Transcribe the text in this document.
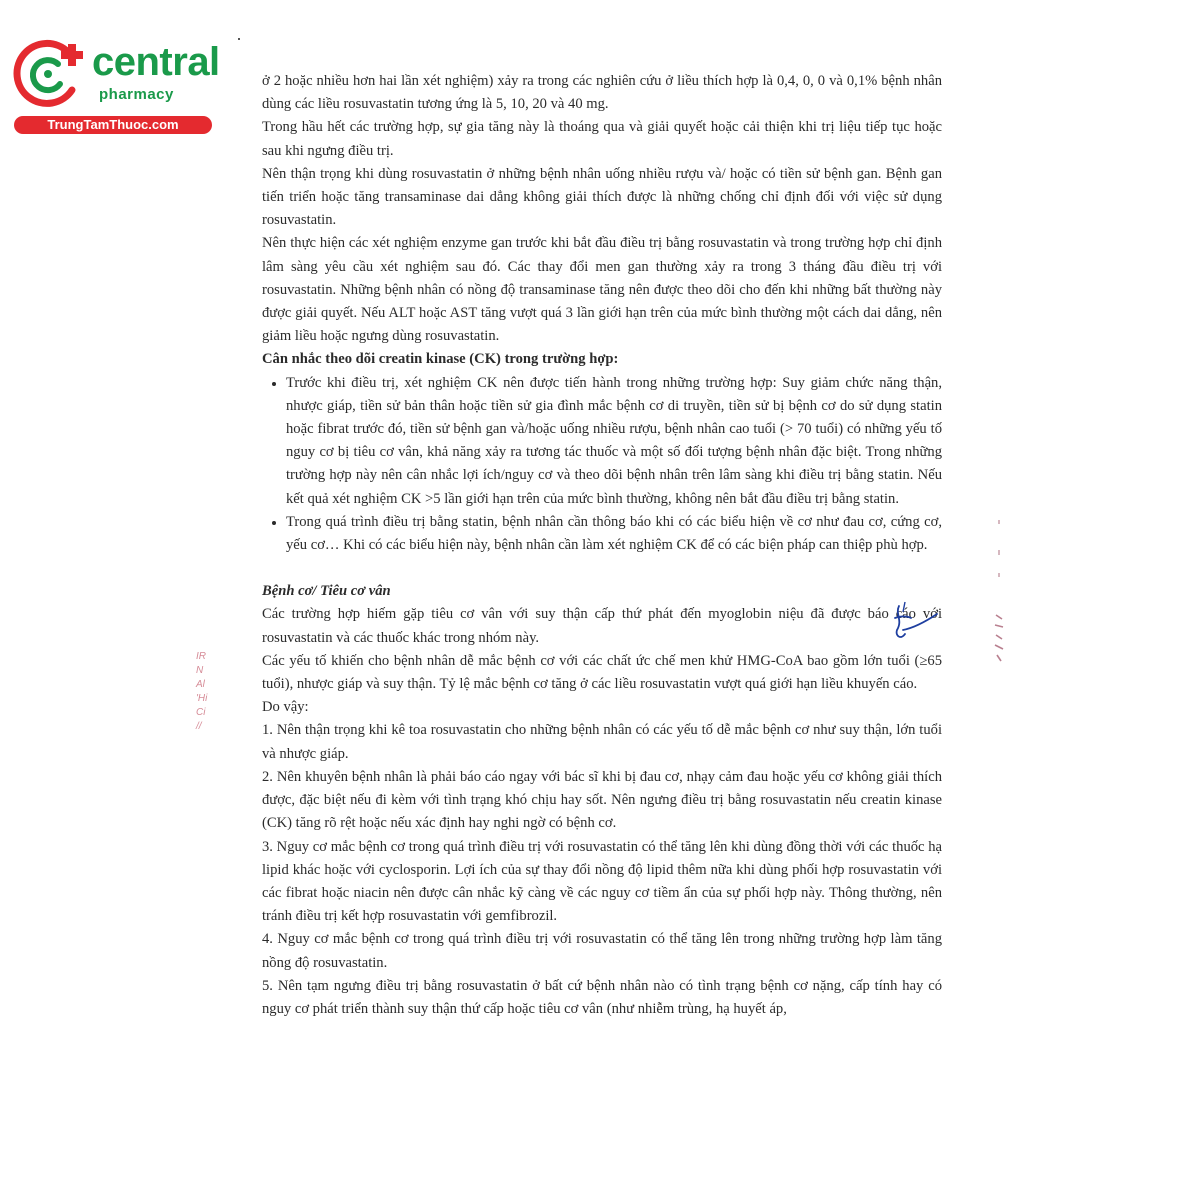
central
pharmacy
TrungTamThuoc.com

ở 2 hoặc nhiều hơn hai lần xét nghiệm) xảy ra trong các nghiên cứu ở liều thích hợp là 0,4, 0, 0 và 0,1% bệnh nhân dùng các liều rosuvastatin tương ứng là 5, 10, 20 và 40 mg.

Trong hầu hết các trường hợp, sự gia tăng này là thoáng qua và giải quyết hoặc cải thiện khi trị liệu tiếp tục hoặc sau khi ngưng điều trị.

Nên thận trọng khi dùng rosuvastatin ở những bệnh nhân uống nhiều rượu và/ hoặc có tiền sử bệnh gan. Bệnh gan tiến triển hoặc tăng transaminase dai dẳng không giải thích được là những chống chỉ định đối với việc sử dụng rosuvastatin.

Nên thực hiện các xét nghiệm enzyme gan trước khi bắt đầu điều trị bằng rosuvastatin và trong trường hợp chỉ định lâm sàng yêu cầu xét nghiệm sau đó. Các thay đổi men gan thường xảy ra trong 3 tháng đầu điều trị với rosuvastatin. Những bệnh nhân có nồng độ transaminase tăng nên được theo dõi cho đến khi những bất thường này được giải quyết. Nếu ALT hoặc AST tăng vượt quá 3 lần giới hạn trên của mức bình thường một cách dai dẳng, nên giảm liều hoặc ngưng dùng rosuvastatin.

Cân nhắc theo dõi creatin kinase (CK) trong trường hợp:

• Trước khi điều trị, xét nghiệm CK nên được tiến hành trong những trường hợp: Suy giảm chức năng thận, nhược giáp, tiền sử bản thân hoặc tiền sử gia đình mắc bệnh cơ di truyền, tiền sử bị bệnh cơ do sử dụng statin hoặc fibrat trước đó, tiền sử bệnh gan và/hoặc uống nhiều rượu, bệnh nhân cao tuổi (> 70 tuổi) có những yếu tố nguy cơ bị tiêu cơ vân, khả năng xảy ra tương tác thuốc và một số đối tượng bệnh nhân đặc biệt. Trong những trường hợp này nên cân nhắc lợi ích/nguy cơ và theo dõi bệnh nhân trên lâm sàng khi điều trị bằng statin. Nếu kết quả xét nghiệm CK >5 lần giới hạn trên của mức bình thường, không nên bắt đầu điều trị bằng statin.
• Trong quá trình điều trị bằng statin, bệnh nhân cần thông báo khi có các biểu hiện về cơ như đau cơ, cứng cơ, yếu cơ… Khi có các biểu hiện này, bệnh nhân cần làm xét nghiệm CK để có các biện pháp can thiệp phù hợp.

Bệnh cơ/ Tiêu cơ vân

Các trường hợp hiếm gặp tiêu cơ vân với suy thận cấp thứ phát đến myoglobin niệu đã được báo cáo với rosuvastatin và các thuốc khác trong nhóm này.

Các yếu tố khiến cho bệnh nhân dễ mắc bệnh cơ với các chất ức chế men khử HMG-CoA bao gồm lớn tuổi (≥65 tuổi), nhược giáp và suy thận. Tỷ lệ mắc bệnh cơ tăng ở các liều rosuvastatin vượt quá giới hạn liều khuyến cáo.

Do vậy:

1. Nên thận trọng khi kê toa rosuvastatin cho những bệnh nhân có các yếu tố dễ mắc bệnh cơ như suy thận, lớn tuổi và nhược giáp.

2. Nên khuyên bệnh nhân là phải báo cáo ngay với bác sĩ khi bị đau cơ, nhạy cảm đau hoặc yếu cơ không giải thích được, đặc biệt nếu đi kèm với tình trạng khó chịu hay sốt. Nên ngưng điều trị bằng rosuvastatin nếu creatin kinase (CK) tăng rõ rệt hoặc nếu xác định hay nghi ngờ có bệnh cơ.

3. Nguy cơ mắc bệnh cơ trong quá trình điều trị với rosuvastatin có thể tăng lên khi dùng đồng thời với các thuốc hạ lipid khác hoặc với cyclosporin. Lợi ích của sự thay đổi nồng độ lipid thêm nữa khi dùng phối hợp rosuvastatin với các fibrat hoặc niacin nên được cân nhắc kỹ càng về các nguy cơ tiềm ẩn của sự phối hợp này. Thông thường, nên tránh điều trị kết hợp rosuvastatin với gemfibrozil.

4. Nguy cơ mắc bệnh cơ trong quá trình điều trị với rosuvastatin có thể tăng lên trong những trường hợp làm tăng nồng độ rosuvastatin.

5. Nên tạm ngưng điều trị bằng rosuvastatin ở bất cứ bệnh nhân nào có tình trạng bệnh cơ nặng, cấp tính hay có nguy cơ phát triển thành suy thận thứ cấp hoặc tiêu cơ vân (như nhiễm trùng, hạ huyết áp,

IR
N
Al
'Hi
Ci
//
